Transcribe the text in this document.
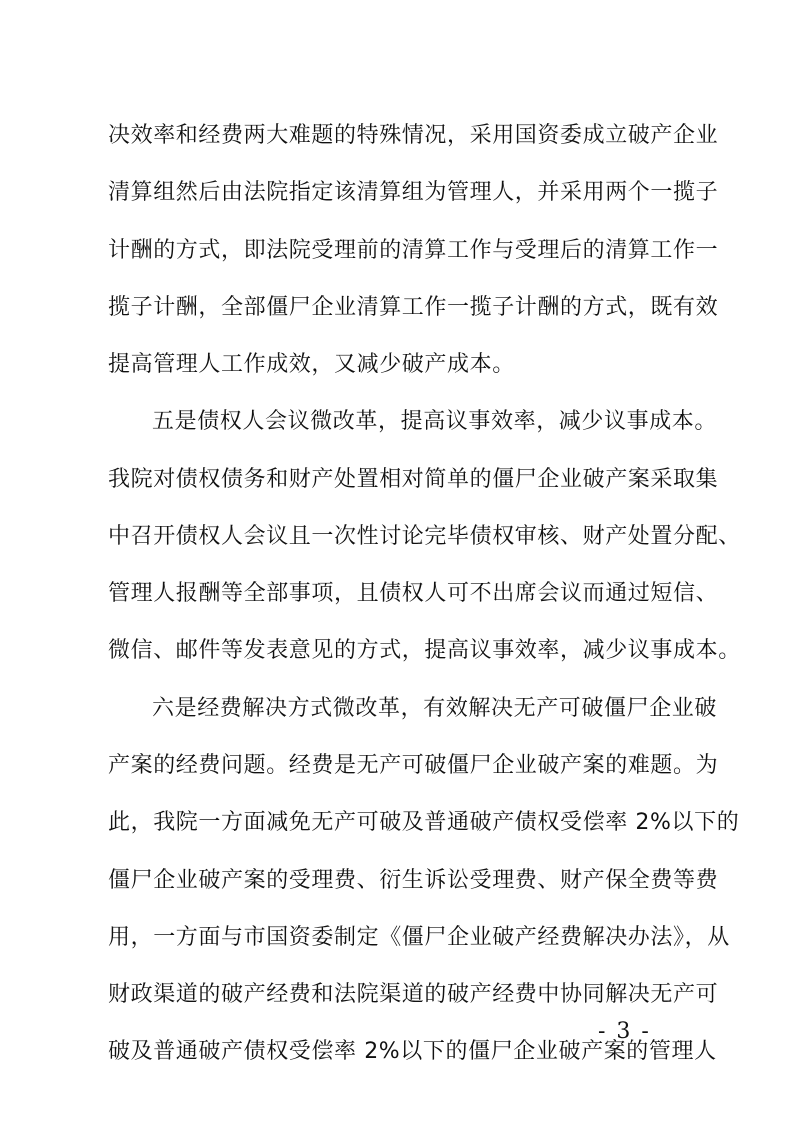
决效率和经费两大难题的特殊情况，采用国资委成立破产企业
清算组然后由法院指定该清算组为管理人，并采用两个一揽子
计酬的方式，即法院受理前的清算工作与受理后的清算工作一
揽子计酬，全部僵尸企业清算工作一揽子计酬的方式，既有效
提高管理人工作成效，又减少破产成本。
五是债权人会议微改革，提高议事效率，减少议事成本。
我院对债权债务和财产处置相对简单的僵尸企业破产案采取集
中召开债权人会议且一次性讨论完毕债权审核、财产处置分配、
管理人报酬等全部事项，且债权人可不出席会议而通过短信、
微信、邮件等发表意见的方式，提高议事效率，减少议事成本。
六是经费解决方式微改革，有效解决无产可破僵尸企业破
产案的经费问题。经费是无产可破僵尸企业破产案的难题。为
此，我院一方面减免无产可破及普通破产债权受偿率 2%以下的
僵尸企业破产案的受理费、衍生诉讼受理费、财产保全费等费
用，一方面与市国资委制定《僵尸企业破产经费解决办法》，从
财政渠道的破产经费和法院渠道的破产经费中协同解决无产可
破及普通破产债权受偿率 2%以下的僵尸企业破产案的管理人
- 3 -
